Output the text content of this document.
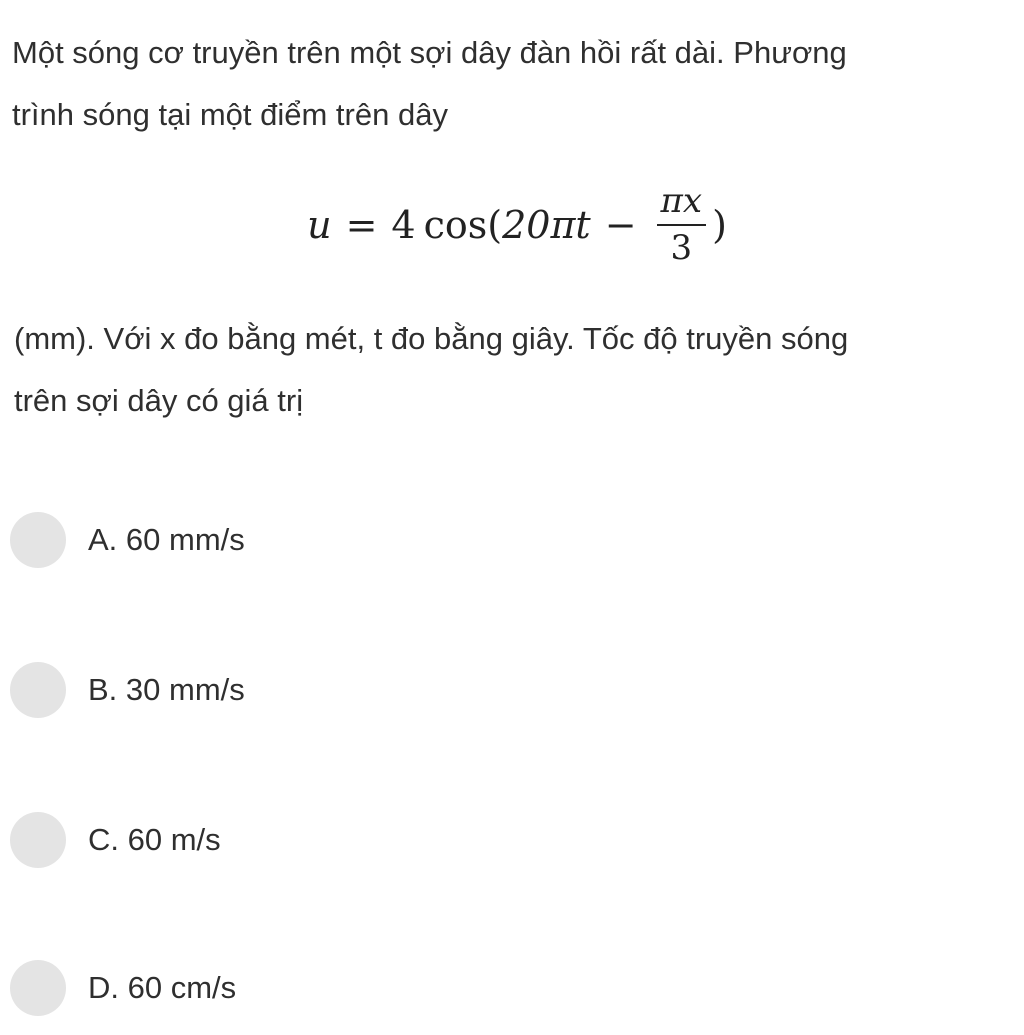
Một sóng cơ truyền trên một sợi dây đàn hồi rất dài. Phương
trình sóng tại một điểm trên dây
u = 4 cos( $20\pi t - \frac{\pi x}{3}$ )
(mm). Với x đo bằng mét, t đo bằng giây. Tốc độ truyền sóng
trên sợi dây có giá trị
A. 60 mm/s
B. 30 mm/s
C. 60 m/s
D. 60 cm/s
